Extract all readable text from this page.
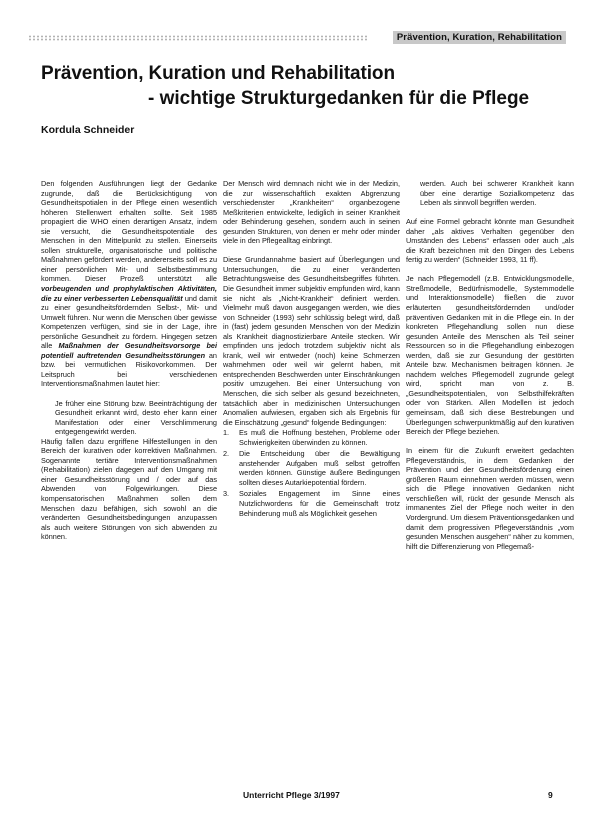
Prävention, Kuration, Rehabilitation
Prävention, Kuration und Rehabilitation
- wichtige Strukturgedanken für die Pflege
Kordula Schneider

Den folgenden Ausführungen liegt der Gedanke zugrunde, daß die Berücksichtigung von Gesundheitspotialen in der Pflege einen wesentlich höheren Stellenwert erhalten sollte. Seit 1985 propagiert die WHO einen derartigen Ansatz, indem sie versucht, die Gesundheitspotentiale des Menschen in den Mittelpunkt zu stellen. Einerseits sollen strukturelle, organisatorische und politische Maßnahmen gefördert werden, andererseits soll es zu einer persönlichen Mit- und Selbstbestimmung kommen. Dieser Prozeß unterstützt alle vorbeugenden und prophylaktischen Aktivitäten, die zu einer verbesserten Lebensqualität und damit zu einer gesundheitsfördernden Selbst-, Mit- und Umwelt führen. Nur wenn die Menschen über gewisse Kompetenzen verfügen, sind sie in der Lage, ihre persönliche Gesundheit zu fördern. Hingegen setzen alle Maßnahmen der Gesundheitsvorsorge bei potentiell auftretenden Gesundheitsstörungen an bzw. bei vermutlichen Risikovorkommen. Der Leitspruch bei verschiedenen Interventionsmaßnahmen lautet hier:

Je früher eine Störung bzw. Beeinträchtigung der Gesundheit erkannt wird, desto eher kann einer Manifestation oder einer Verschlimmerung entgegengewirkt werden.

Häufig fallen dazu ergriffene Hilfestellungen in den Bereich der kurativen oder korrektiven Maßnahmen. Sogenannte tertiäre Interventionsmaßnahmen (Rehabilitation) zielen dagegen auf den Umgang mit einer Gesundheitsstörung und / oder auf das Abwenden von Folgewirkungen. Diese kompensatorischen Maßnahmen sollen dem Menschen dazu befähigen, sich sowohl an die veränderten Gesundheitsbedingungen anzupassen als auch weitere Störungen von sich abwenden zu können.

Der Mensch wird demnach nicht wie in der Medizin, die zur wissenschaftlich exakten Abgrenzung verschiedenster „Krankheiten“ organbezogene Meßkriterien entwickelte, lediglich in seiner Krankheit oder Behinderung gesehen, sondern auch in seinen gesunden Strukturen, von denen er mehr oder minder viele in den Pflegealltag einbringt.

Diese Grundannahme basiert auf Überlegungen und Untersuchungen, die zu einer veränderten Betrachtungsweise des Gesundheitsbegriffes führten. Die Gesundheit immer subjektiv empfunden wird, kann sie nicht als „Nicht-Krankheit“ definiert werden. Vielmehr muß davon ausgegangen werden, wie dies von Schneider (1993) sehr schlüssig belegt wird, daß in (fast) jedem gesunden Menschen von der Medizin als Krankheit diagnostizierbare Anteile stecken. Wir empfinden uns jedoch trotzdem subjektiv nicht als krank, weil wir entweder (noch) keine Schmerzen wahrnehmen oder weil wir gelernt haben, mit entsprechenden Beschwerden unter Einschränkungen positiv umzugehen. Bei einer Untersuchung von Menschen, die sich selber als gesund bezeichneten, tatsächlich aber in medizinischen Untersuchungen Anomalien aufwiesen, ergaben sich als Ergebnis für die Einschätzung „gesund“ folgende Bedingungen:

1. Es muß die Hoffnung bestehen, Probleme oder Schwierigkeiten überwinden zu können.
2. Die Entscheidung über die Bewältigung anstehender Aufgaben muß selbst getroffen werden können. Günstige äußere Bedingungen sollten dieses Autarkiepotential fördern.
3. Soziales Engagement im Sinne eines Nutzlichwordens für die Gemeinschaft trotz Behinderung muß als Möglichkeit gesehen

werden. Auch bei schwerer Krankheit kann über eine derartige Sozialkompetenz das Leben als sinnvoll begriffen werden.

Auf eine Formel gebracht könnte man Gesundheit daher „als aktives Verhalten gegenüber den Umständen des Lebens“ erfassen oder auch „als die Kraft bezeichnen mit den Dingen des Lebens fertig zu werden“ (Schneider 1993, 11 ff).

Je nach Pflegemodell (z.B. Entwicklungsmodelle, Streßmodelle, Bedürfnismodelle, Systemmodelle und Interaktionsmodelle) fließen die zuvor erläuterten gesundheitsfördernden und/oder präventiven Gedanken mit in die Pflege ein. In der konkreten Pflegehandlung sollen nun diese gesunden Anteile des Menschen als Teil seiner Ressourcen so in die Pflegehandlung einbezogen werden, daß sie zur Gesundung der gestörten Anteile bzw. Mechanismen beitragen können. Je nachdem welches Pflegemodell zugrunde gelegt wird, spricht man von z. B. „Gesundheitspotentialen, von Selbsthilfekräften oder von Stärken. Allen Modellen ist jedoch gemeinsam, daß sich diese Bestrebungen und Überlegungen schwerpunktmäßig auf den kurativen Bereich der Pflege beziehen.

In einem für die Zukunft erweitert gedachten Pflegeverständnis, in dem Gedanken der Prävention und der Gesundheitsförderung einen größeren Raum einnehmen werden müssen, wenn sich die Pflege innovativen Gedanken nicht verschließen will, rückt der gesunde Mensch als immanentes Ziel der Pflege noch weiter in den Vordergrund. Um diesem Präventionsgedanken und damit dem progressiven Pflegeverständnis „vom gesunden Menschen ausgehen“ näher zu kommen, hilft die Differenzierung von Pflegemaß-

Unterricht Pflege 3/1997	9
